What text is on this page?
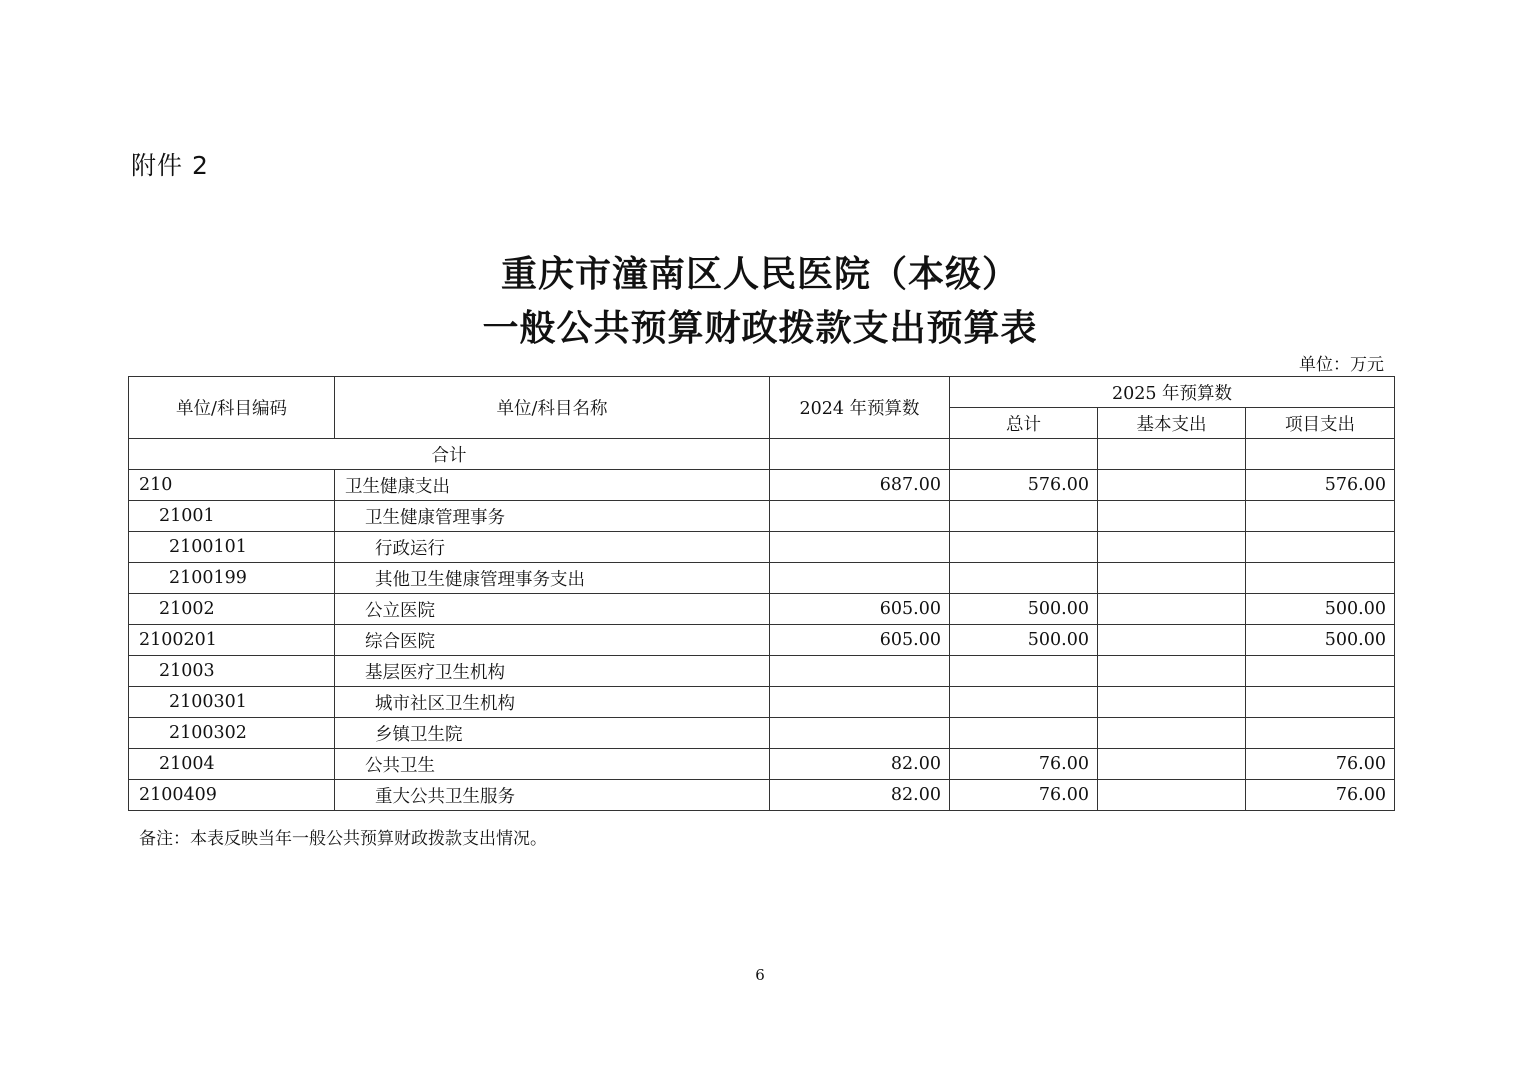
附件 2
重庆市潼南区人民医院（本级）
一般公共预算财政拨款支出预算表
单位：万元
单位/科目编码	单位/科目名称	2024 年预算数	2025 年预算数		
			总计	基本支出	项目支出
合计					
210	卫生健康支出	687.00	576.00		576.00
21001	卫生健康管理事务				
2100101	行政运行				
2100199	其他卫生健康管理事务支出				
21002	公立医院	605.00	500.00		500.00
2100201	综合医院	605.00	500.00		500.00
21003	基层医疗卫生机构				
2100301	城市社区卫生机构				
2100302	乡镇卫生院				
21004	公共卫生	82.00	76.00		76.00
2100409	重大公共卫生服务	82.00	76.00		76.00
备注：本表反映当年一般公共预算财政拨款支出情况。
6
